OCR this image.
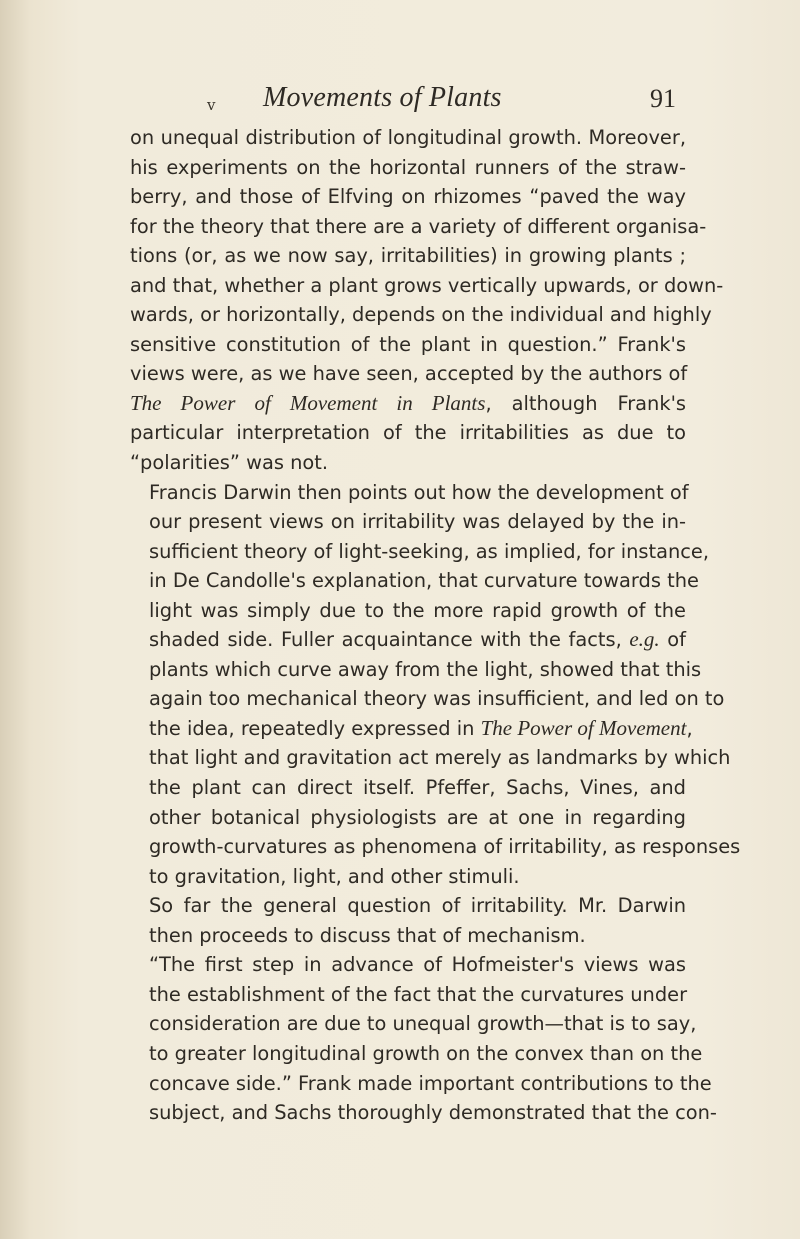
v Movements of Plants	91

on unequal distribution of longitudinal growth. Moreover,
his experiments on the horizontal runners of the straw-
berry, and those of Elfving on rhizomes “paved the way
for the theory that there are a variety of different organisa-
tions (or, as we now say, irritabilities) in growing plants ;
and that, whether a plant grows vertically upwards, or down-
wards, or horizontally, depends on the individual and highly
sensitive constitution of the plant in question.” Frank's
views were, as we have seen, accepted by the authors of
The Power of Movement in Plants, although Frank's
particular interpretation of the irritabilities as due to
“polarities” was not.

Francis Darwin then points out how the development of
our present views on irritability was delayed by the in-
sufficient theory of light-seeking, as implied, for instance,
in De Candolle's explanation, that curvature towards the
light was simply due to the more rapid growth of the
shaded side. Fuller acquaintance with the facts, e.g. of
plants which curve away from the light, showed that this
again too mechanical theory was insufficient, and led on to
the idea, repeatedly expressed in The Power of Movement,
that light and gravitation act merely as landmarks by which
the plant can direct itself. Pfeffer, Sachs, Vines, and
other botanical physiologists are at one in regarding
growth-curvatures as phenomena of irritability, as responses
to gravitation, light, and other stimuli.

So far the general question of irritability. Mr. Darwin
then proceeds to discuss that of mechanism.

“The first step in advance of Hofmeister's views was
the establishment of the fact that the curvatures under
consideration are due to unequal growth—that is to say,
to greater longitudinal growth on the convex than on the
concave side.” Frank made important contributions to the
subject, and Sachs thoroughly demonstrated that the con-
